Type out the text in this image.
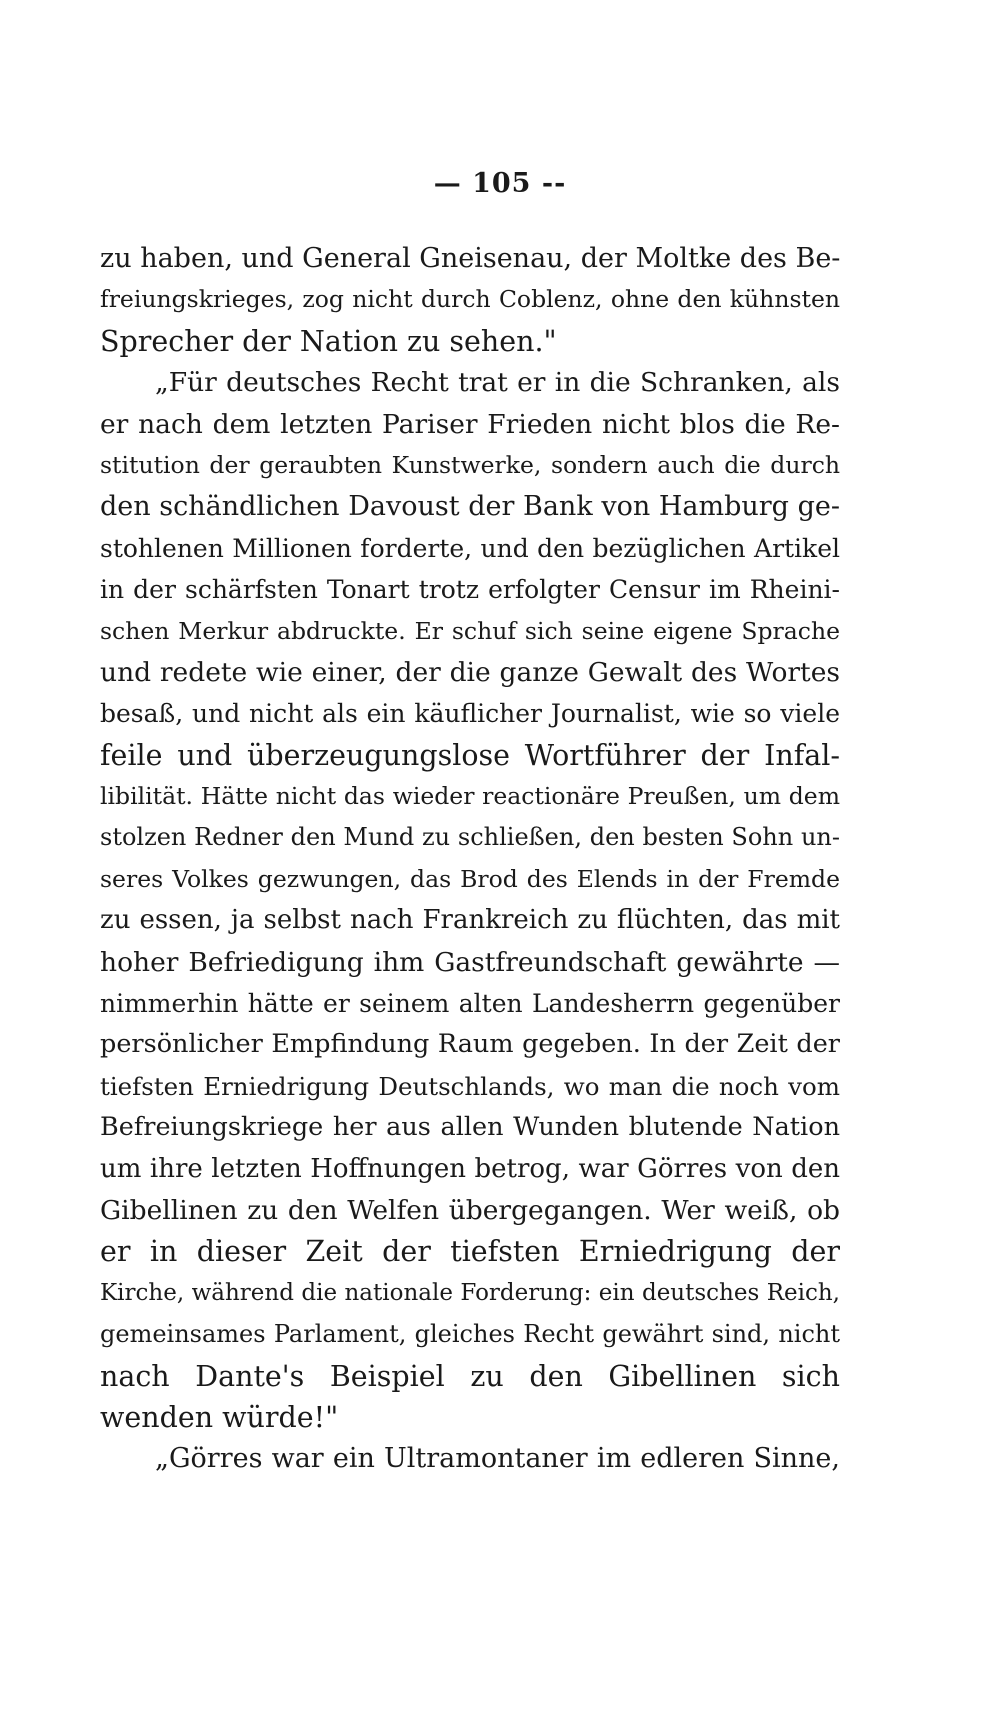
— 105 --
zu haben, und General Gneisenau, der Moltke des Be-
freiungskrieges, zog nicht durch Coblenz, ohne den kühnsten
Sprecher der Nation zu sehen."
„Für deutsches Recht trat er in die Schranken, als
er nach dem letzten Pariser Frieden nicht blos die Re-
stitution der geraubten Kunstwerke, sondern auch die durch
den schändlichen Davoust der Bank von Hamburg ge-
stohlenen Millionen forderte, und den bezüglichen Artikel
in der schärfsten Tonart trotz erfolgter Censur im Rheini-
schen Merkur abdruckte. Er schuf sich seine eigene Sprache
und redete wie einer, der die ganze Gewalt des Wortes
besaß, und nicht als ein käuflicher Journalist, wie so viele
feile und überzeugungslose Wortführer der Infal-
libilität. Hätte nicht das wieder reactionäre Preußen, um dem
stolzen Redner den Mund zu schließen, den besten Sohn un-
seres Volkes gezwungen, das Brod des Elends in der Fremde
zu essen, ja selbst nach Frankreich zu flüchten, das mit
hoher Befriedigung ihm Gastfreundschaft gewährte —
nimmerhin hätte er seinem alten Landesherrn gegenüber
persönlicher Empfindung Raum gegeben. In der Zeit der
tiefsten Erniedrigung Deutschlands, wo man die noch vom
Befreiungskriege her aus allen Wunden blutende Nation
um ihre letzten Hoffnungen betrog, war Görres von den
Gibellinen zu den Welfen übergegangen. Wer weiß, ob
er in dieser Zeit der tiefsten Erniedrigung der
Kirche, während die nationale Forderung: ein deutsches Reich,
gemeinsames Parlament, gleiches Recht gewährt sind, nicht
nach Dante's Beispiel zu den Gibellinen sich
wenden würde!"
„Görres war ein Ultramontaner im edleren Sinne,
